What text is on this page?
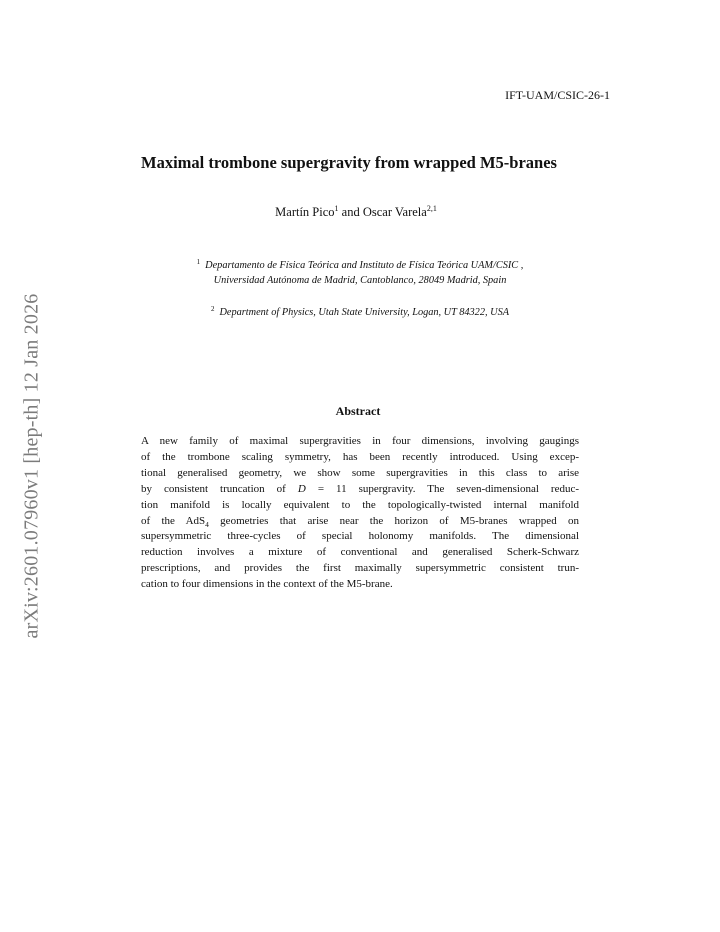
arXiv:2601.07960v1 [hep-th] 12 Jan 2026
IFT-UAM/CSIC-26-1
Maximal trombone supergravity from wrapped M5-branes
Martín Pico$^1$ and Oscar Varela$^{2,1}$
$^1$ Departamento de Física Teórica and Instituto de Física Teórica UAM/CSIC ,
Universidad Autónoma de Madrid, Cantoblanco, 28049 Madrid, Spain
$^2$ Department of Physics, Utah State University, Logan, UT 84322, USA
Abstract
A new family of maximal supergravities in four dimensions, involving gaugings
of the trombone scaling symmetry, has been recently introduced. Using excep-
tional generalised geometry, we show some supergravities in this class to arise
by consistent truncation of D = 11 supergravity. The seven-dimensional reduc-
tion manifold is locally equivalent to the topologically-twisted internal manifold
of the AdS$_4$ geometries that arise near the horizon of M5-branes wrapped on
supersymmetric three-cycles of special holonomy manifolds. The dimensional
reduction involves a mixture of conventional and generalised Scherk-Schwarz
prescriptions, and provides the first maximally supersymmetric consistent trun-
cation to four dimensions in the context of the M5-brane.
